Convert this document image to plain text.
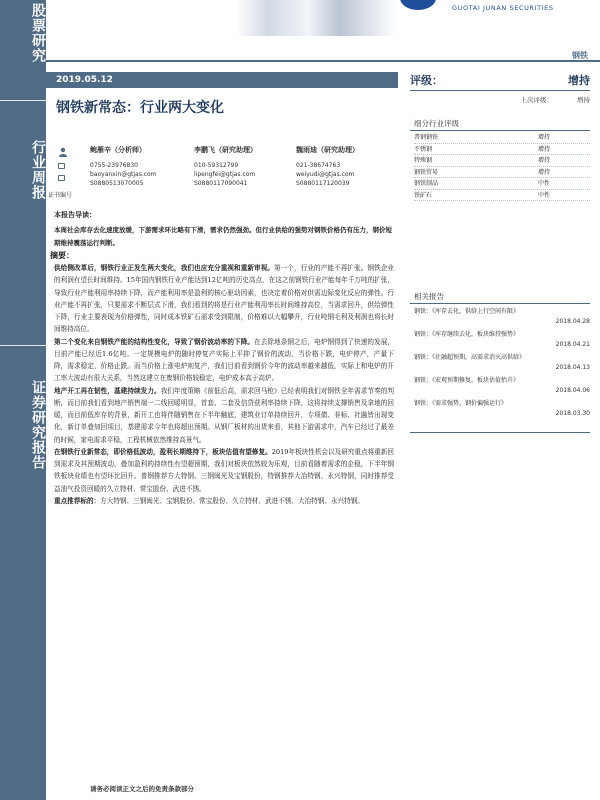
股票研究
行业周报
证券研究报告
GUOTAI JUNAN SECURITIES
钢铁
2019.05.12
钢铁新常态：行业两大变化
证书编号
鲍雁辛（分析师）
0755-23976830
baoyanxin@gtjas.com
S0880513070005
李鹏飞（研究助理）
010-59312799
lipengfei@gtjas.com
S0880117090041
魏雨迪（研究助理）
021-38674763
weiyudi@gtjas.com
S0880117120039
评级：	增持
上次评级：	增持
细分行业评级
普钢钢铁	增持
不锈钢	增持
特殊钢	增持
钢铁贸易	增持
钢铁制品	中性
铁矿石	中性
相关报告
钢铁：《库存去化，供给上行空间有限》
2018.04.28
钢铁：《库存继续去化，板块维持强势》
2018.04.21
钢铁：《社融超预期，高需求消灭高供给》
2018.04.13
钢铁：《宏观预期修复，板块估值抬升》
2018.04.06
钢铁：《需求强势，钢价偏强运行》
2018.03.30
本报告导读：
本周社会库存去化速度放缓，下游需求环比略有下滑，需求仍然强劲。但行业供给的强势对钢铁价格仍有压力，钢价短期维持震荡运行判断。
摘要：

供给侧改革后，钢铁行业正发生两大变化，我们也应充分重视和重新审视。第一个，行业的产能不再扩张。钢铁企业的利润有望长时间维持。15年国内钢铁行业产能达到12亿吨的历史高点，在这之前钢铁行业产能每年千万吨的扩张，导致行业产能利用率持续下降，而产能利用率是盈利的核心驱动因素，也决定着价格对供需边际变化反应的弹性。行业产能不再扩张，只要需求不断层式下滑，我们看到的将是行业产能利用率长时间维持高位，当需求回升，供给弹性下降，行业主要表现为价格弹性，同时成本铁矿石需求受到限制，价格难以大幅攀升，行业吨钢毛利及利润也将长时间维持高位。

第二个变化来自钢铁产能的结构性变化，导致了钢价波动率的下降。在去除地条钢之后，电炉钢得到了快速的发展，目前产能已经近1.6亿吨。一定规模电炉的随时停复产实际上平抑了钢价的波动，当价格下跌，电炉停产，产量下降，需求稳定，价格止跌。而当价格上涨电炉则复产，我们目前看到钢价今年的波动率越来越低，实际上和电炉的开工率大波动有很大关系，当然这建立在废钢价格较稳定，电炉成本高于高炉。

地产开工再在韧性，基建持续发力。我们年度策略《前低后高，需求回马枪》已经表明我们对钢铁全年需求节奏的判断，而目前我们看到地产销售端一二线回暖明显，首套、二套及信贷获利率持续下降，这将持续支撑销售及拿地的回暖，而目前低库存的背景，新开工也将伴随销售在下半年触底，建筑业订单持续回升，专项债、非标、社融皆出现变化，新订单叠加回项目，基建需求今年也将超出预期。从钢厂板材的出货来看，其他下游需求中，汽车已经过了最差的时候，家电需求平稳，工程机械依然维持高景气。

在钢铁行业新常态，即价格低波动，盈利长期维持下，板块估值有望修复。2019年板块性机会以及研究重点将重新回到需求及其预期波动，叠加盈利的持续性有望超预期，我们对板块依然较为乐观，目前看随着需求的企稳，下半年钢铁板块业绩也有望环比回升。普钢推荐方大特钢、三钢闽光及宝钢股份，特钢推荐大冶特钢、永兴特钢，同时推荐受益油气投资回暖的久立特材、常宝股份、武进不锈。

重点推荐标的：方大特钢、三钢闽光、宝钢股份、常宝股份、久立特材、武进不锈、大冶特钢、永兴特钢。

请务必阅读正文之后的免责条款部分
